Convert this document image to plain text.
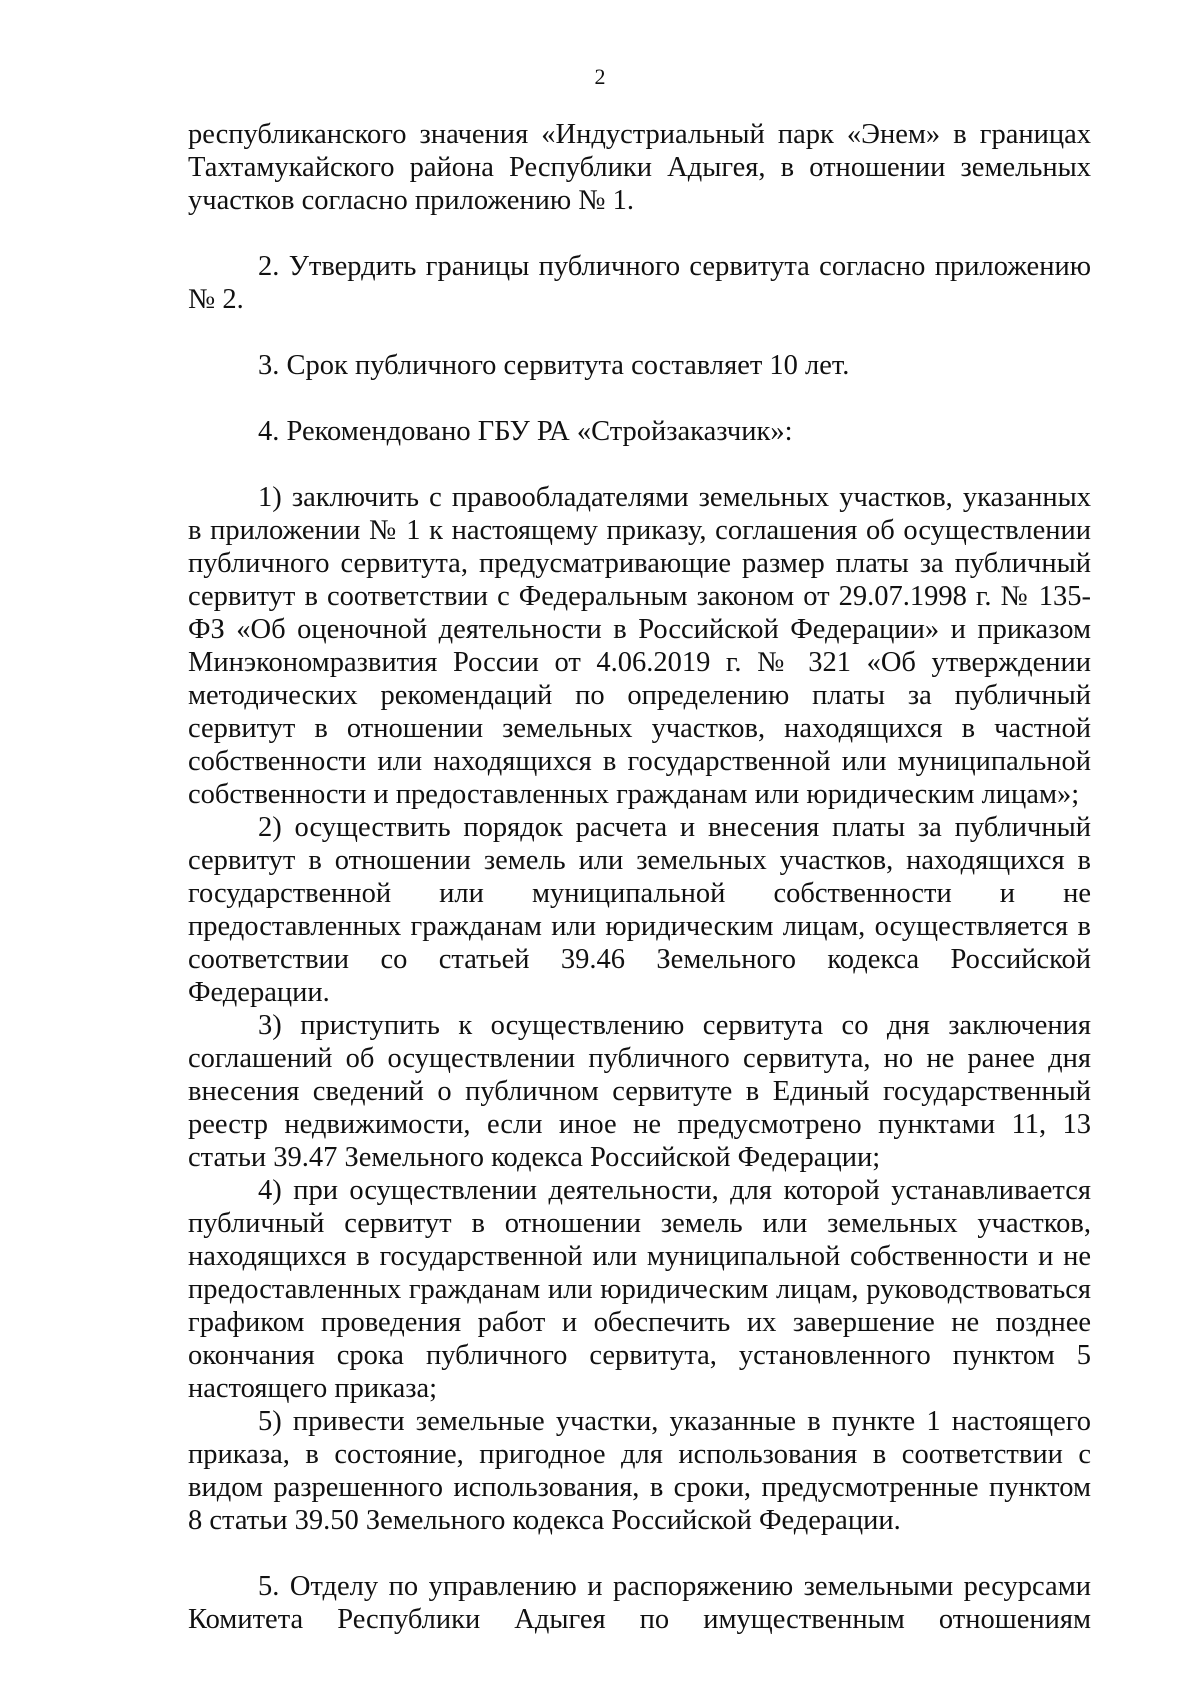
2

республиканского значения «Индустриальный парк «Энем» в границах Тахтамукайского района Республики Адыгея, в отношении земельных участков согласно приложению № 1.

2. Утвердить границы публичного сервитута согласно приложению № 2.

3. Срок публичного сервитута составляет 10 лет.

4. Рекомендовано ГБУ РА «Стройзаказчик»:

1) заключить с правообладателями земельных участков, указанных в приложении № 1 к настоящему приказу, соглашения об осуществлении публичного сервитута, предусматривающие размер платы за публичный сервитут в соответствии с Федеральным законом от 29.07.1998 г. № 135-ФЗ «Об оценочной деятельности в Российской Федерации» и приказом Минэкономразвития России от 4.06.2019 г. № 321 «Об утверждении методических рекомендаций по определению платы за публичный сервитут в отношении земельных участков, находящихся в частной собственности или находящихся в государственной или муниципальной собственности и предоставленных гражданам или юридическим лицам»;

2) осуществить порядок расчета и внесения платы за публичный сервитут в отношении земель или земельных участков, находящихся в государственной или муниципальной собственности и не предоставленных гражданам или юридическим лицам, осуществляется в соответствии со статьей 39.46 Земельного кодекса Российской Федерации.

3) приступить к осуществлению сервитута со дня заключения соглашений об осуществлении публичного сервитута, но не ранее дня внесения сведений о публичном сервитуте в Единый государственный реестр недвижимости, если иное не предусмотрено пунктами 11, 13 статьи 39.47 Земельного кодекса Российской Федерации;

4) при осуществлении деятельности, для которой устанавливается публичный сервитут в отношении земель или земельных участков, находящихся в государственной или муниципальной собственности и не предоставленных гражданам или юридическим лицам, руководствоваться графиком проведения работ и обеспечить их завершение не позднее окончания срока публичного сервитута, установленного пунктом 5 настоящего приказа;

5) привести земельные участки, указанные в пункте 1 настоящего приказа, в состояние, пригодное для использования в соответствии с видом разрешенного использования, в сроки, предусмотренные пунктом 8 статьи 39.50 Земельного кодекса Российской Федерации.

5. Отделу по управлению и распоряжению земельными ресурсами Комитета Республики Адыгея по имущественным отношениям
